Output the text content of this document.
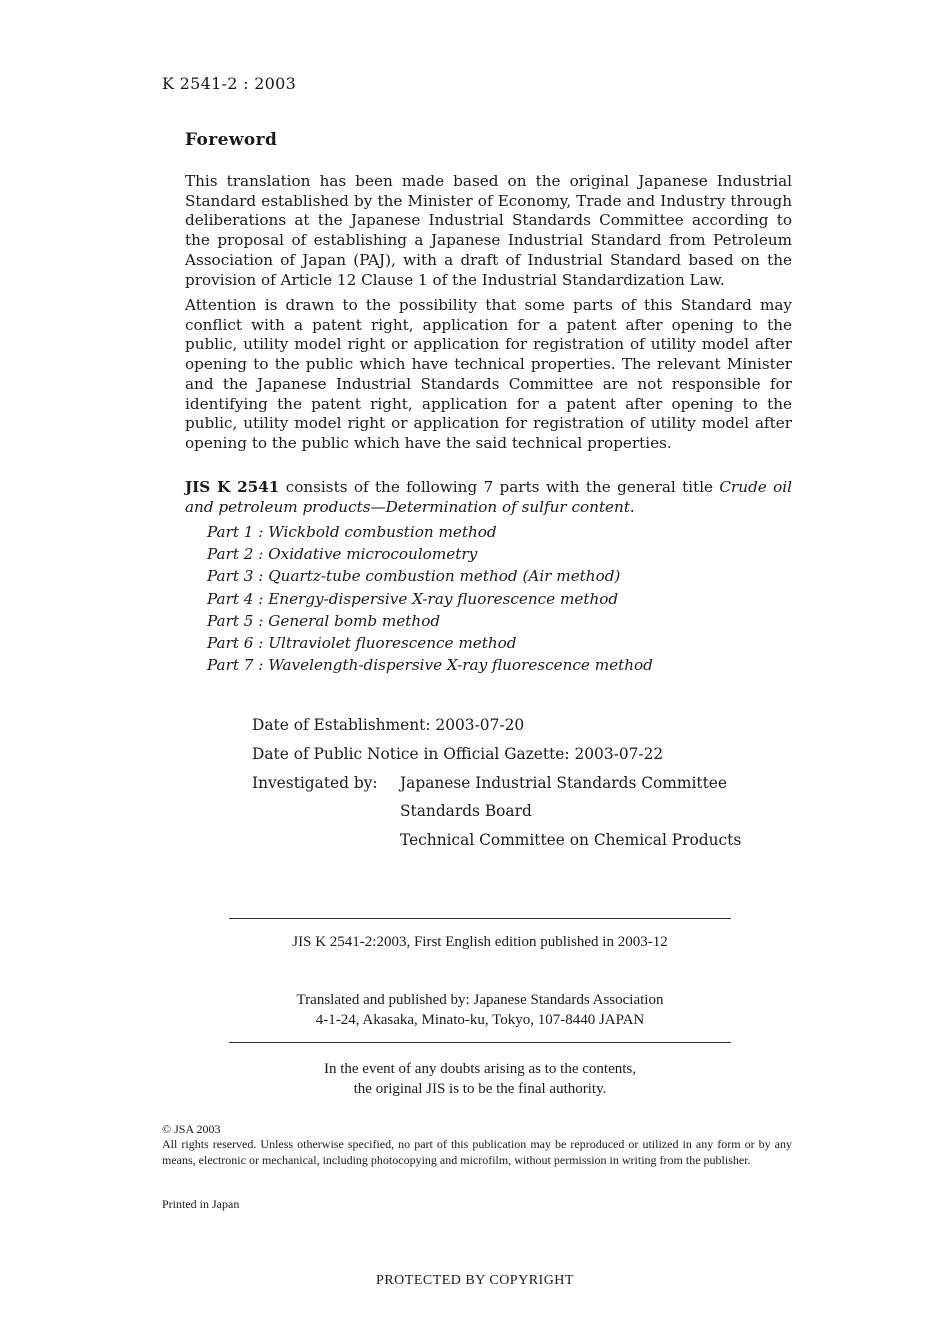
K 2541-2 : 2003
Foreword

This translation has been made based on the original Japanese Industrial Standard established by the Minister of Economy, Trade and Industry through deliberations at the Japanese Industrial Standards Committee according to the proposal of establishing a Japanese Industrial Standard from Petroleum Association of Japan (PAJ), with a draft of Industrial Standard based on the provision of Article 12 Clause 1 of the Industrial Standardization Law.

Attention is drawn to the possibility that some parts of this Standard may conflict with a patent right, application for a patent after opening to the public, utility model right or application for registration of utility model after opening to the public which have technical properties. The relevant Minister and the Japanese Industrial Standards Committee are not responsible for identifying the patent right, application for a patent after opening to the public, utility model right or application for registration of utility model after opening to the public which have the said technical properties.

JIS K 2541 consists of the following 7 parts with the general title Crude oil and petroleum products—Determination of sulfur content.

Part 1 : Wickbold combustion method
Part 2 : Oxidative microcoulometry
Part 3 : Quartz-tube combustion method (Air method)
Part 4 : Energy-dispersive X-ray fluorescence method
Part 5 : General bomb method
Part 6 : Ultraviolet fluorescence method
Part 7 : Wavelength-dispersive X-ray fluorescence method
Date of Establishment: 2003-07-20
Date of Public Notice in Official Gazette: 2003-07-22
Investigated by:	Japanese Industrial Standards Committee
Standards Board
Technical Committee on Chemical Products
JIS K 2541-2:2003, First English edition published in 2003-12
Translated and published by: Japanese Standards Association
4-1-24, Akasaka, Minato-ku, Tokyo, 107-8440 JAPAN
In the event of any doubts arising as to the contents,
the original JIS is to be the final authority.
© JSA 2003
All rights reserved. Unless otherwise specified, no part of this publication may be reproduced or utilized in any form or by any means, electronic or mechanical, including photocopying and microfilm, without permission in writing from the publisher.
Printed in Japan
PROTECTED BY COPYRIGHT
